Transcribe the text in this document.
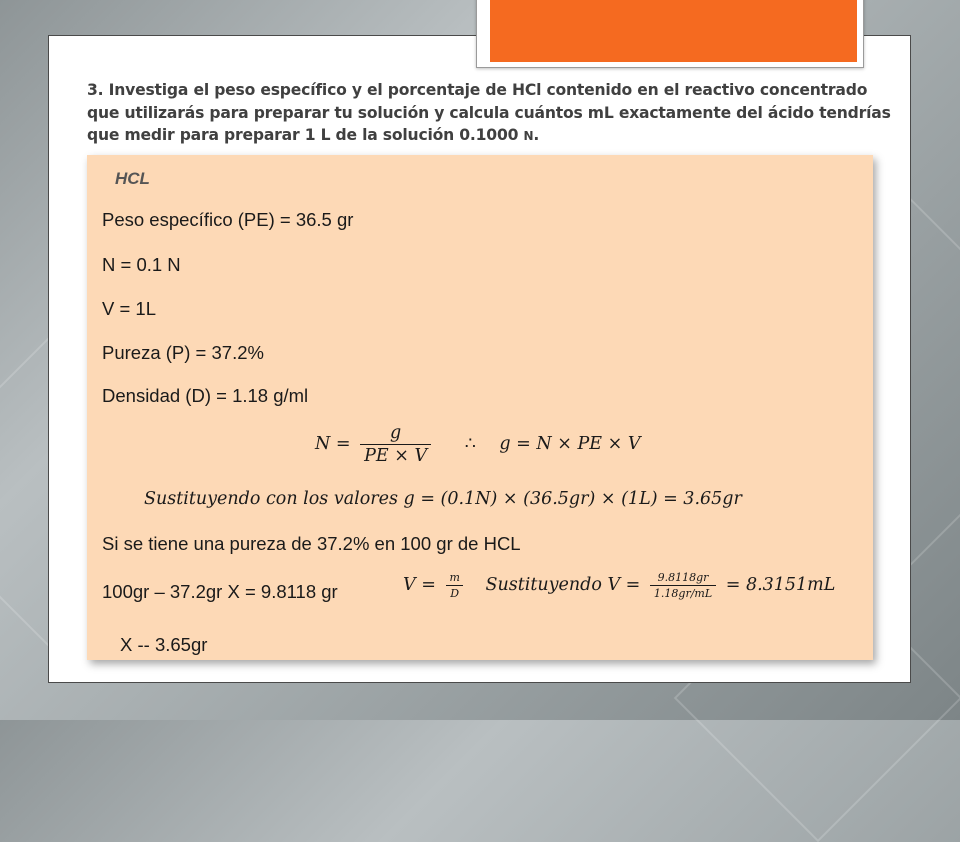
3. Investiga el peso específico y el porcentaje de HCl contenido en el reactivo concentrado que utilizarás para preparar tu solución y calcula cuántos mL exactamente del ácido tendrías que medir para preparar 1 L de la solución 0.1000 N.
HCL
Peso específico (PE) = 36.5 gr
N = 0.1 N
V = 1L
Pureza (P) = 37.2%
Densidad (D) = 1.18 g/ml
$N = \frac{g}{PE \times V}$ ∴ g = N × PE × V
Sustituyendo con los valores g = (0.1N) × (36.5gr) × (1L) = 3.65gr
Si se tiene una pureza de 37.2% en 100 gr de HCL
100gr – 37.2gr X = 9.8118 gr	$V = \frac{m}{D}$ Sustituyendo $V = \frac{9.8118gr}{1.18gr/mL} = 8.3151mL$
X -- 3.65gr
